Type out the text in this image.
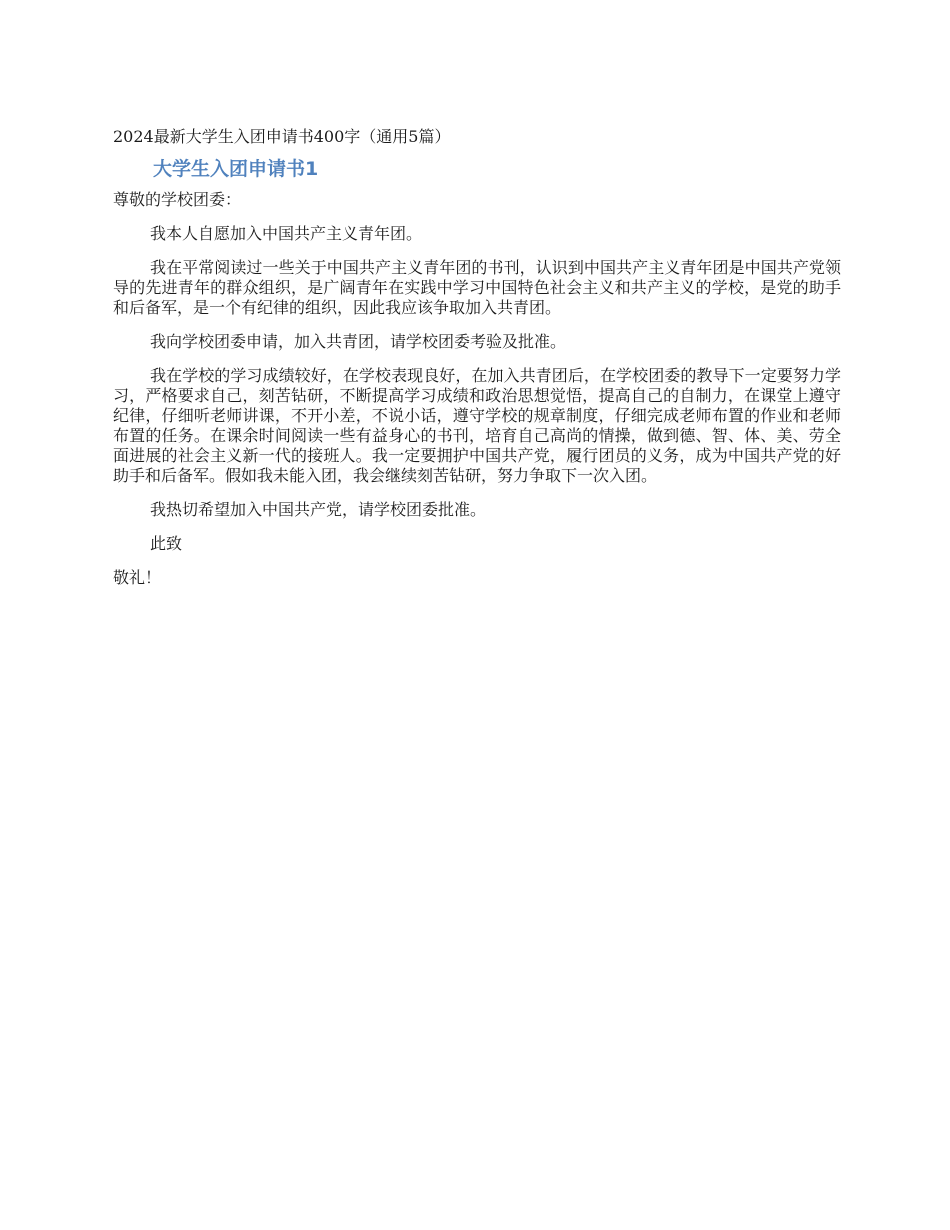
2024最新大学生入团申请书400字（通用5篇）

大学生入团申请书1

尊敬的学校团委：

我本人自愿加入中国共产主义青年团。

我在平常阅读过一些关于中国共产主义青年团的书刊，认识到中国共产主义青年团是中国共产党领导的先进青年的群众组织，是广阔青年在实践中学习中国特色社会主义和共产主义的学校，是党的助手和后备军，是一个有纪律的组织，因此我应该争取加入共青团。

我向学校团委申请，加入共青团，请学校团委考验及批准。

我在学校的学习成绩较好，在学校表现良好，在加入共青团后，在学校团委的教导下一定要努力学习，严格要求自己，刻苦钻研，不断提高学习成绩和政治思想觉悟，提高自己的自制力，在课堂上遵守纪律，仔细听老师讲课，不开小差，不说小话，遵守学校的规章制度，仔细完成老师布置的作业和老师布置的任务。在课余时间阅读一些有益身心的书刊，培育自己高尚的情操，做到德、智、体、美、劳全面进展的社会主义新一代的接班人。我一定要拥护中国共产党，履行团员的义务，成为中国共产党的好助手和后备军。假如我未能入团，我会继续刻苦钻研，努力争取下一次入团。

我热切希望加入中国共产党，请学校团委批准。

此致

敬礼！
